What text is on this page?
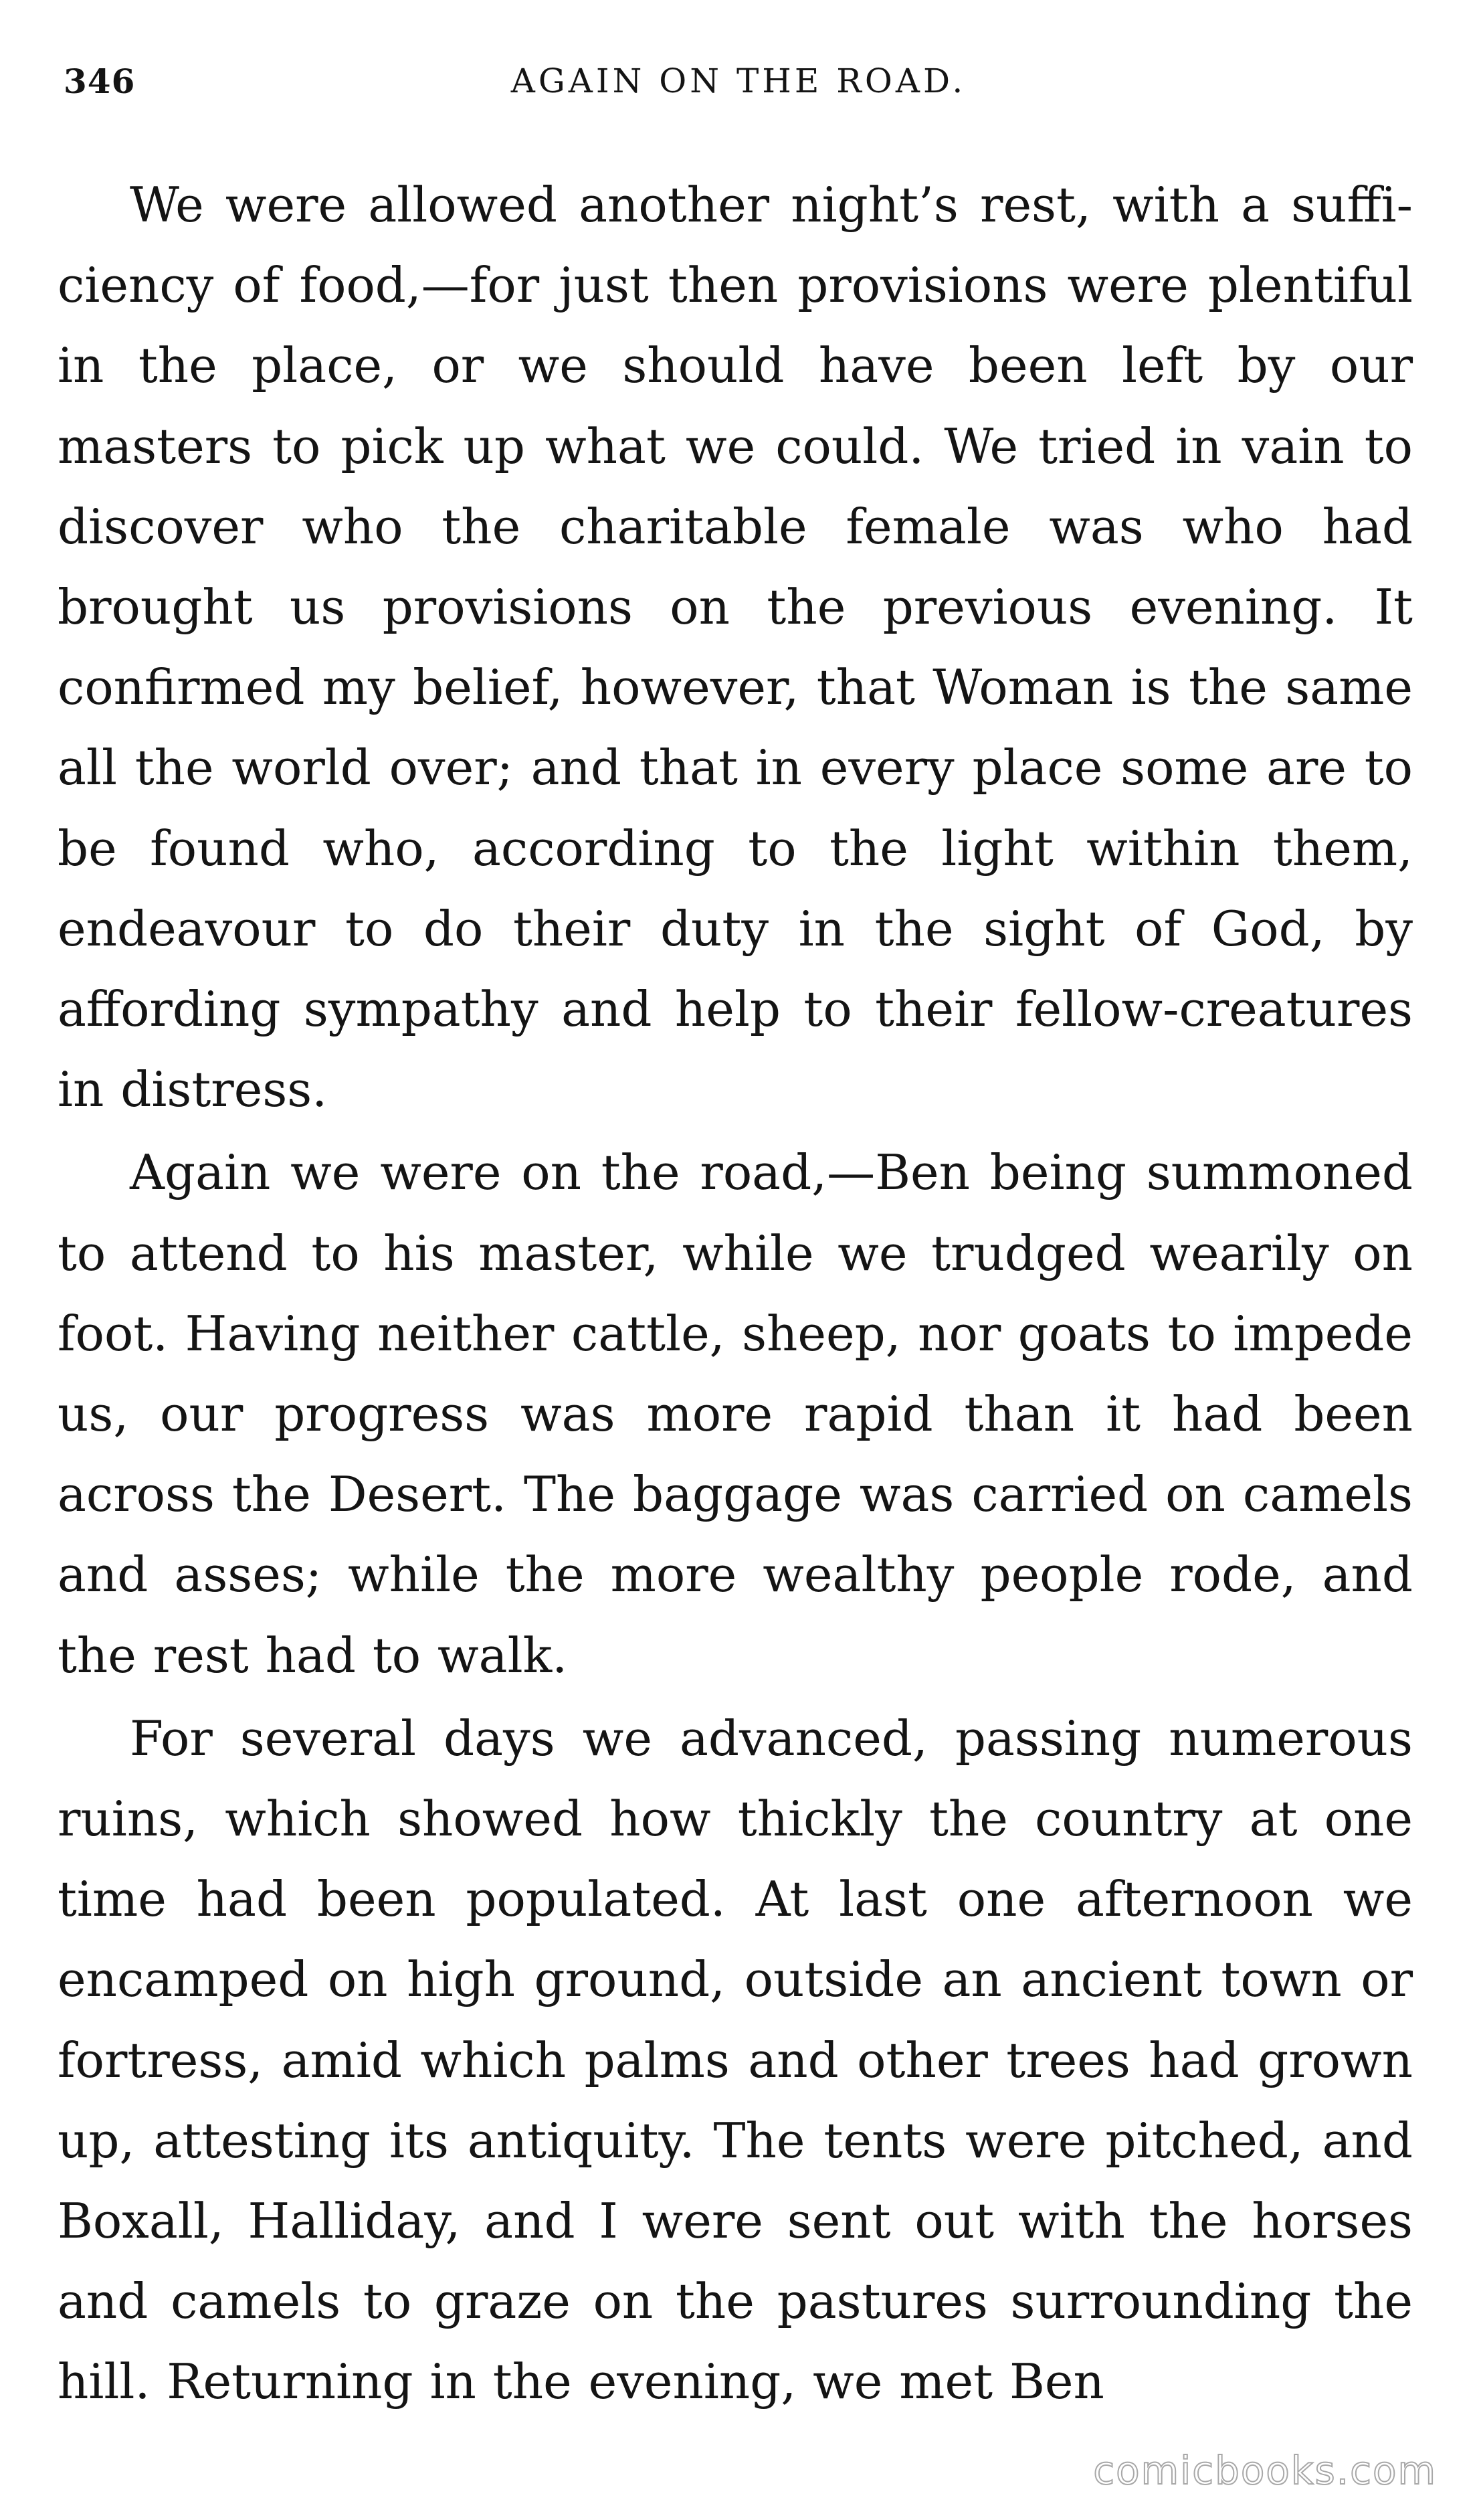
346	AGAIN ON THE ROAD.

We were allowed another night’s rest, with a sufficiency of food,—for just then provisions were plentiful in the place, or we should have been left by our masters to pick up what we could. We tried in vain to discover who the charitable female was who had brought us provisions on the previous evening. It confirmed my belief, however, that Woman is the same all the world over; and that in every place some are to be found who, according to the light within them, endeavour to do their duty in the sight of God, by affording sympathy and help to their fellow-creatures in distress.

Again we were on the road,—Ben being summoned to attend to his master, while we trudged wearily on foot. Having neither cattle, sheep, nor goats to impede us, our progress was more rapid than it had been across the Desert. The baggage was carried on camels and asses; while the more wealthy people rode, and the rest had to walk.

For several days we advanced, passing numerous ruins, which showed how thickly the country at one time had been populated. At last one afternoon we encamped on high ground, outside an ancient town or fortress, amid which palms and other trees had grown up, attesting its antiquity. The tents were pitched, and Boxall, Halliday, and I were sent out with the horses and camels to graze on the pastures surrounding the hill. Returning in the evening, we met Ben

comicbooks.com
